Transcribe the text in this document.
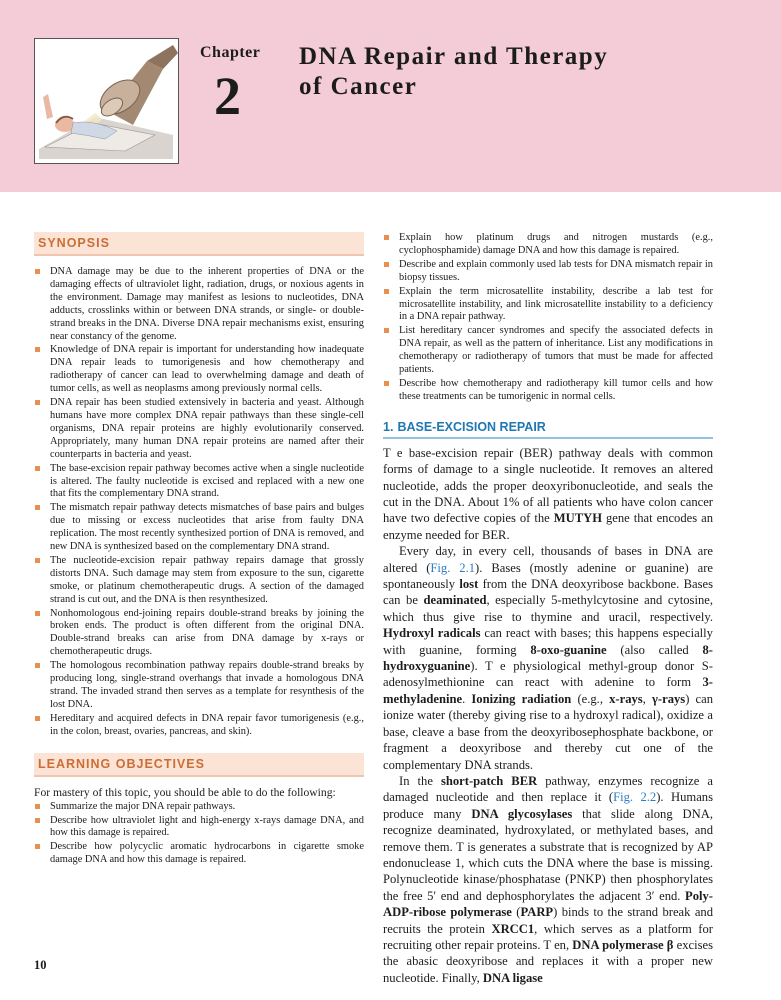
Chapter
2
DNA Repair and Therapy
of Cancer
SYNOPSIS
DNA damage may be due to the inherent properties of DNA or the damaging effects of ultraviolet light, radiation, drugs, or noxious agents in the environment. Damage may manifest as lesions to nucleotides, DNA adducts, crosslinks within or between DNA strands, or single- or double-strand breaks in the DNA. Diverse DNA repair mechanisms exist, ensuring near constancy of the genome.
Knowledge of DNA repair is important for understanding how inadequate DNA repair leads to tumorigenesis and how chemotherapy and radiotherapy of cancer can lead to overwhelming damage and death of tumor cells, as well as neoplasms among previously normal cells.
DNA repair has been studied extensively in bacteria and yeast. Although humans have more complex DNA repair pathways than these single-cell organisms, DNA repair proteins are highly evolutionarily conserved. Appropriately, many human DNA repair proteins are named after their counterparts in bacteria and yeast.
The base-excision repair pathway becomes active when a single nucleotide is altered. The faulty nucleotide is excised and replaced with a new one that fits the complementary DNA strand.
The mismatch repair pathway detects mismatches of base pairs and bulges due to missing or excess nucleotides that arise from faulty DNA replication. The most recently synthesized portion of DNA is removed, and new DNA is synthesized based on the complementary DNA strand.
The nucleotide-excision repair pathway repairs damage that grossly distorts DNA. Such damage may stem from exposure to the sun, cigarette smoke, or platinum chemotherapeutic drugs. A section of the damaged strand is cut out, and the DNA is then resynthesized.
Nonhomologous end-joining repairs double-strand breaks by joining the broken ends. The product is often different from the original DNA. Double-strand breaks can arise from DNA damage by x-rays or chemotherapeutic drugs.
The homologous recombination pathway repairs double-strand breaks by producing long, single-strand overhangs that invade a homologous DNA strand. The invaded strand then serves as a template for resynthesis of the lost DNA.
Hereditary and acquired defects in DNA repair favor tumorigenesis (e.g., in the colon, breast, ovaries, pancreas, and skin).
LEARNING OBJECTIVES
For mastery of this topic, you should be able to do the following:
Summarize the major DNA repair pathways.
Describe how ultraviolet light and high-energy x-rays damage DNA, and how this damage is repaired.
Describe how polycyclic aromatic hydrocarbons in cigarette smoke damage DNA and how this damage is repaired.
Explain how platinum drugs and nitrogen mustards (e.g., cyclophosphamide) damage DNA and how this damage is repaired.
Describe and explain commonly used lab tests for DNA mismatch repair in biopsy tissues.
Explain the term microsatellite instability, describe a lab test for microsatellite instability, and link microsatellite instability to a deficiency in a DNA repair pathway.
List hereditary cancer syndromes and specify the associated defects in DNA repair, as well as the pattern of inheritance. List any modifications in chemotherapy or radiotherapy of tumors that must be made for affected patients.
Describe how chemotherapy and radiotherapy kill tumor cells and how these treatments can be tumorigenic in normal cells.
1. BASE-EXCISION REPAIR

T e base-excision repair (BER) pathway deals with common forms of damage to a single nucleotide. It removes an altered nucleotide, adds the proper deoxyribonucleotide, and seals the cut in the DNA. About 1% of all patients who have colon cancer have two defective copies of the MUTYH gene that encodes an enzyme needed for BER.

Every day, in every cell, thousands of bases in DNA are altered (Fig. 2.1). Bases (mostly adenine or guanine) are spontaneously lost from the DNA deoxyribose backbone. Bases can be deaminated, especially 5-methylcytosine and cytosine, which thus give rise to thymine and uracil, respectively. Hydroxyl radicals can react with bases; this happens especially with guanine, forming 8-oxo-guanine (also called 8-hydroxyguanine). T e physiological methyl-group donor S-adenosylmethionine can react with adenine to form 3-methyladenine. Ionizing radiation (e.g., x-rays, γ-rays) can ionize water (thereby giving rise to a hydroxyl radical), oxidize a base, cleave a base from the deoxyribosephosphate backbone, or fragment a deoxyribose and thereby cut one of the complementary DNA strands.

In the short-patch BER pathway, enzymes recognize a damaged nucleotide and then replace it (Fig. 2.2). Humans produce many DNA glycosylases that slide along DNA, recognize deaminated, hydroxylated, or methylated bases, and remove them. T is generates a substrate that is recognized by AP endonuclease 1, which cuts the DNA where the base is missing. Polynucleotide kinase/phosphatase (PNKP) then phosphorylates the free 5′ end and dephosphorylates the adjacent 3′ end. Poly-ADP-ribose polymerase (PARP) binds to the strand break and recruits the protein XRCC1, which serves as a platform for recruiting other repair proteins. T en, DNA polymerase β excises the abasic deoxyribose and replaces it with a proper new nucleotide. Finally, DNA ligase

10
